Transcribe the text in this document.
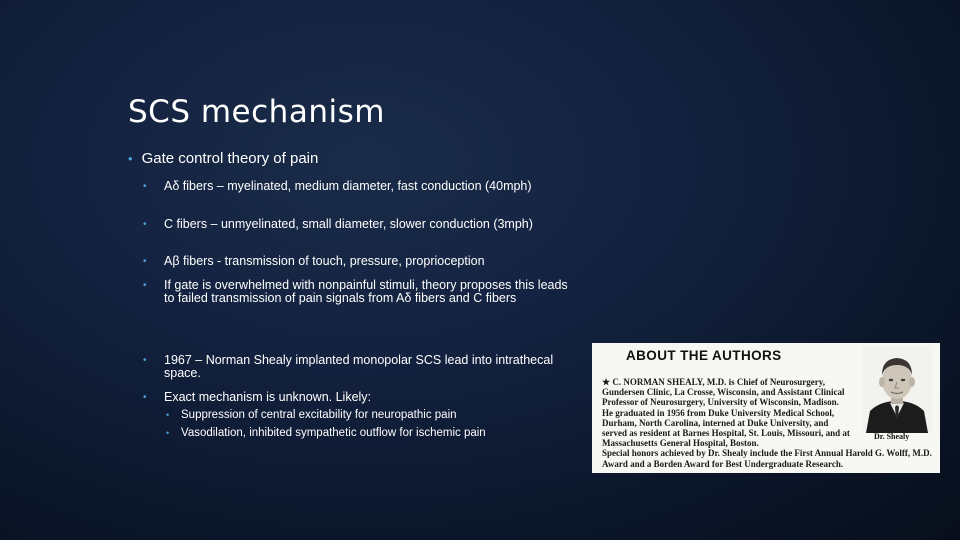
SCS mechanism
• Gate control theory of pain
• Aδ fibers – myelinated, medium diameter, fast conduction (40mph)
• C fibers – unmyelinated, small diameter, slower conduction (3mph)
• Aβ fibers - transmission of touch, pressure, proprioception
• If gate is overwhelmed with nonpainful stimuli, theory proposes this leads to failed transmission of pain signals from Aδ fibers and C fibers
• 1967 – Norman Shealy implanted monopolar SCS lead into intrathecal space.
• Exact mechanism is unknown. Likely:
• Suppression of central excitability for neuropathic pain
• Vasodilation, inhibited sympathetic outflow for ischemic pain
ABOUT THE AUTHORS
★ C. NORMAN SHEALY, M.D. is Chief of Neurosurgery, Gundersen Clinic, La Crosse, Wisconsin, and Assistant Clinical Professor of Neurosurgery, University of Wisconsin, Madison. He graduated in 1956 from Duke University Medical School, Durham, North Carolina, interned at Duke University, and served as resident at Barnes Hospital, St. Louis, Missouri, and at Massachusetts General Hospital, Boston.
Special honors achieved by Dr. Shealy include the First Annual Harold G. Wolff, M.D. Award and a Borden Award for Best Undergraduate Research.
Dr. Shealy
